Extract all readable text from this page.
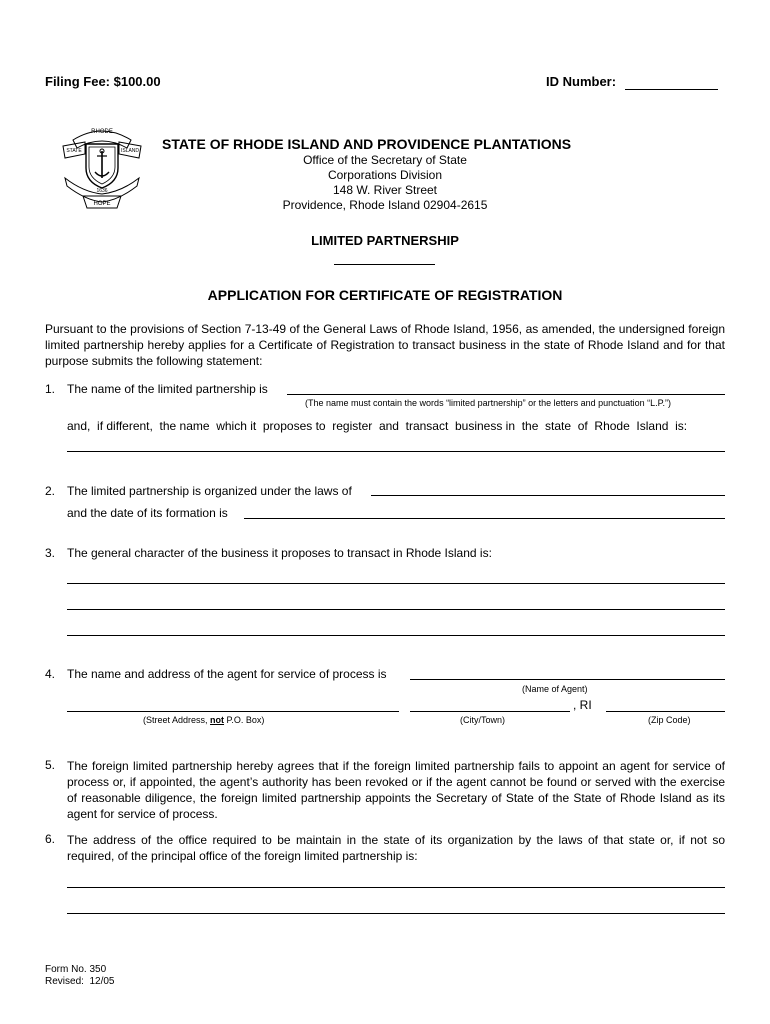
Filing Fee: $100.00	ID Number:
RHODE
STATE	ISLAND
1636
HOPE
STATE OF RHODE ISLAND AND PROVIDENCE PLANTATIONS
Office of the Secretary of State
Corporations Division
148 W. River Street
Providence, Rhode Island 02904-2615
LIMITED PARTNERSHIP
APPLICATION FOR CERTIFICATE OF REGISTRATION
Pursuant to the provisions of Section 7-13-49 of the General Laws of Rhode Island, 1956, as amended, the undersigned foreign limited partnership hereby applies for a Certificate of Registration to transact business in the state of Rhode Island and for that purpose submits the following statement:
1. The name of the limited partnership is
(The name must contain the words “limited partnership” or the letters and punctuation “L.P.”)
and,  if different,  the name  which it  proposes to  register  and  transact  business in  the  state  of  Rhode  Island  is:
2. The limited partnership is organized under the laws of
and the date of its formation is
3. The general character of the business it proposes to transact in Rhode Island is:
4. The name and address of the agent for service of process is
(Name of Agent)
, RI
(Street Address, not P.O. Box)	(City/Town)	(Zip Code)
5. The foreign limited partnership hereby agrees that if the foreign limited partnership fails to appoint an agent for service of process or, if appointed, the agent’s authority has been revoked or if the agent cannot be found or served with the exercise of reasonable diligence, the foreign limited partnership appoints the Secretary of State of the State of Rhode Island as its agent for service of process.
6. The address of the office required to be maintain in the state of its organization by the laws of that state or, if not so required, of the principal office of the foreign limited partnership is:
Form No. 350
Revised:  12/05
